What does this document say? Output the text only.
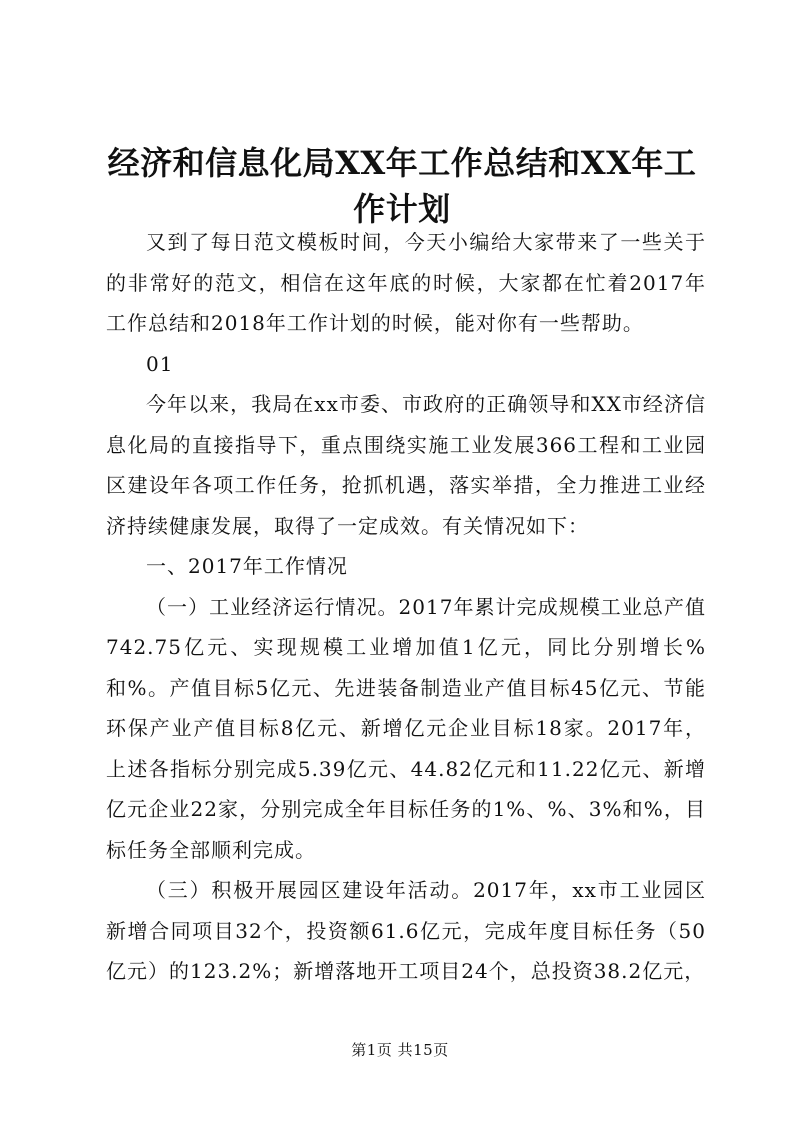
经济和信息化局XX年工作总结和XX年工作计划

又到了每日范文模板时间，今天小编给大家带来了一些关于的非常好的范文，相信在这年底的时候，大家都在忙着2017年工作总结和2018年工作计划的时候，能对你有一些帮助。

01

今年以来，我局在xx市委、市政府的正确领导和XX市经济信息化局的直接指导下，重点围绕实施工业发展366工程和工业园区建设年各项工作任务，抢抓机遇，落实举措，全力推进工业经济持续健康发展，取得了一定成效。有关情况如下：

一、2017年工作情况

（一）工业经济运行情况。2017年累计完成规模工业总产值742.75亿元、实现规模工业增加值1亿元，同比分别增长%和%。产值目标5亿元、先进装备制造业产值目标45亿元、节能环保产业产值目标8亿元、新增亿元企业目标18家。2017年，上述各指标分别完成5.39亿元、44.82亿元和11.22亿元、新增亿元企业22家，分别完成全年目标任务的1%、%、3%和%，目标任务全部顺利完成。

（三）积极开展园区建设年活动。2017年，xx市工业园区新增合同项目32个，投资额61.6亿元，完成年度目标任务（50亿元）的123.2%；新增落地开工项目24个，总投资38.2亿元，

第1页 共15页
